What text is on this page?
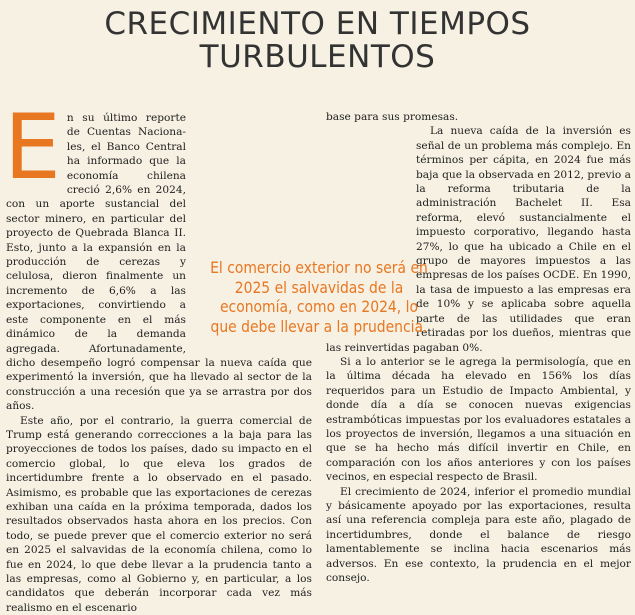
CRECIMIENTO EN TIEMPOS
TURBULENTOS

En su último reporte de Cuentas Naciona-les, el Banco Central ha informado que la economía chilena creció 2,6% en 2024, con un aporte sustancial del sector minero, en particular del proyecto de Quebrada Blanca II. Esto, junto a la expansión en la producción de cerezas y celulosa, dieron finalmente un incremento de 6,6% a las exportaciones, convirtiendo a este componente en el más dinámico de la demanda agregada. Afortunadamente, dicho desempeño logró compensar la nueva caída que experimentó la inversión, que ha llevado al sector de la construcción a una recesión que ya se arrastra por dos años.

Este año, por el contrario, la guerra comercial de Trump está generando correcciones a la baja para las proyecciones de todos los países, dado su impacto en el comercio global, lo que eleva los grados de incertidumbre frente a lo observado en el pasado. Asimismo, es probable que las exportaciones de cerezas exhiban una caída en la próxima temporada, dados los resultados observados hasta ahora en los precios. Con todo, se puede prever que el comercio exterior no será en 2025 el salvavidas de la economía chilena, como lo fue en 2024, lo que debe llevar a la prudencia tanto a las empresas, como al Gobierno y, en particular, a los candidatos que deberán incorporar cada vez más realismo en el escenario

base para sus promesas.

La nueva caída de la inversión es señal de un problema más complejo. En términos per cápita, en 2024 fue más baja que la observada en 2012, previo a la reforma tributaria de la administración Bachelet II. Esa reforma, elevó sustancialmente el impuesto corporativo, llegando hasta 27%, lo que ha ubicado a Chile en el grupo de mayores impuestos a las empresas de los países OCDE. En 1990, la tasa de impuesto a las empresas era de 10% y se aplicaba sobre aquella parte de las utilidades que eran retiradas por los dueños, mientras que las reinvertidas pagaban 0%.

Si a lo anterior se le agrega la permisología, que en la última década ha elevado en 156% los días requeridos para un Estudio de Impacto Ambiental, y donde día a día se conocen nuevas exigencias estrambóticas impuestas por los evaluadores estatales a los proyectos de inversión, llegamos a una situación en que se ha hecho más difícil invertir en Chile, en comparación con los años anteriores y con los países vecinos, en especial respecto de Brasil.

El crecimiento de 2024, inferior el promedio mundial y básicamente apoyado por las exportaciones, resulta así una referencia compleja para este año, plagado de incertidumbres, donde el balance de riesgo lamentablemente se inclina hacia escenarios más adversos. En ese contexto, la prudencia en el mejor consejo.

El comercio exterior no será en 2025 el salvavidas de la economía, como en 2024, lo que debe llevar a la prudencia.
